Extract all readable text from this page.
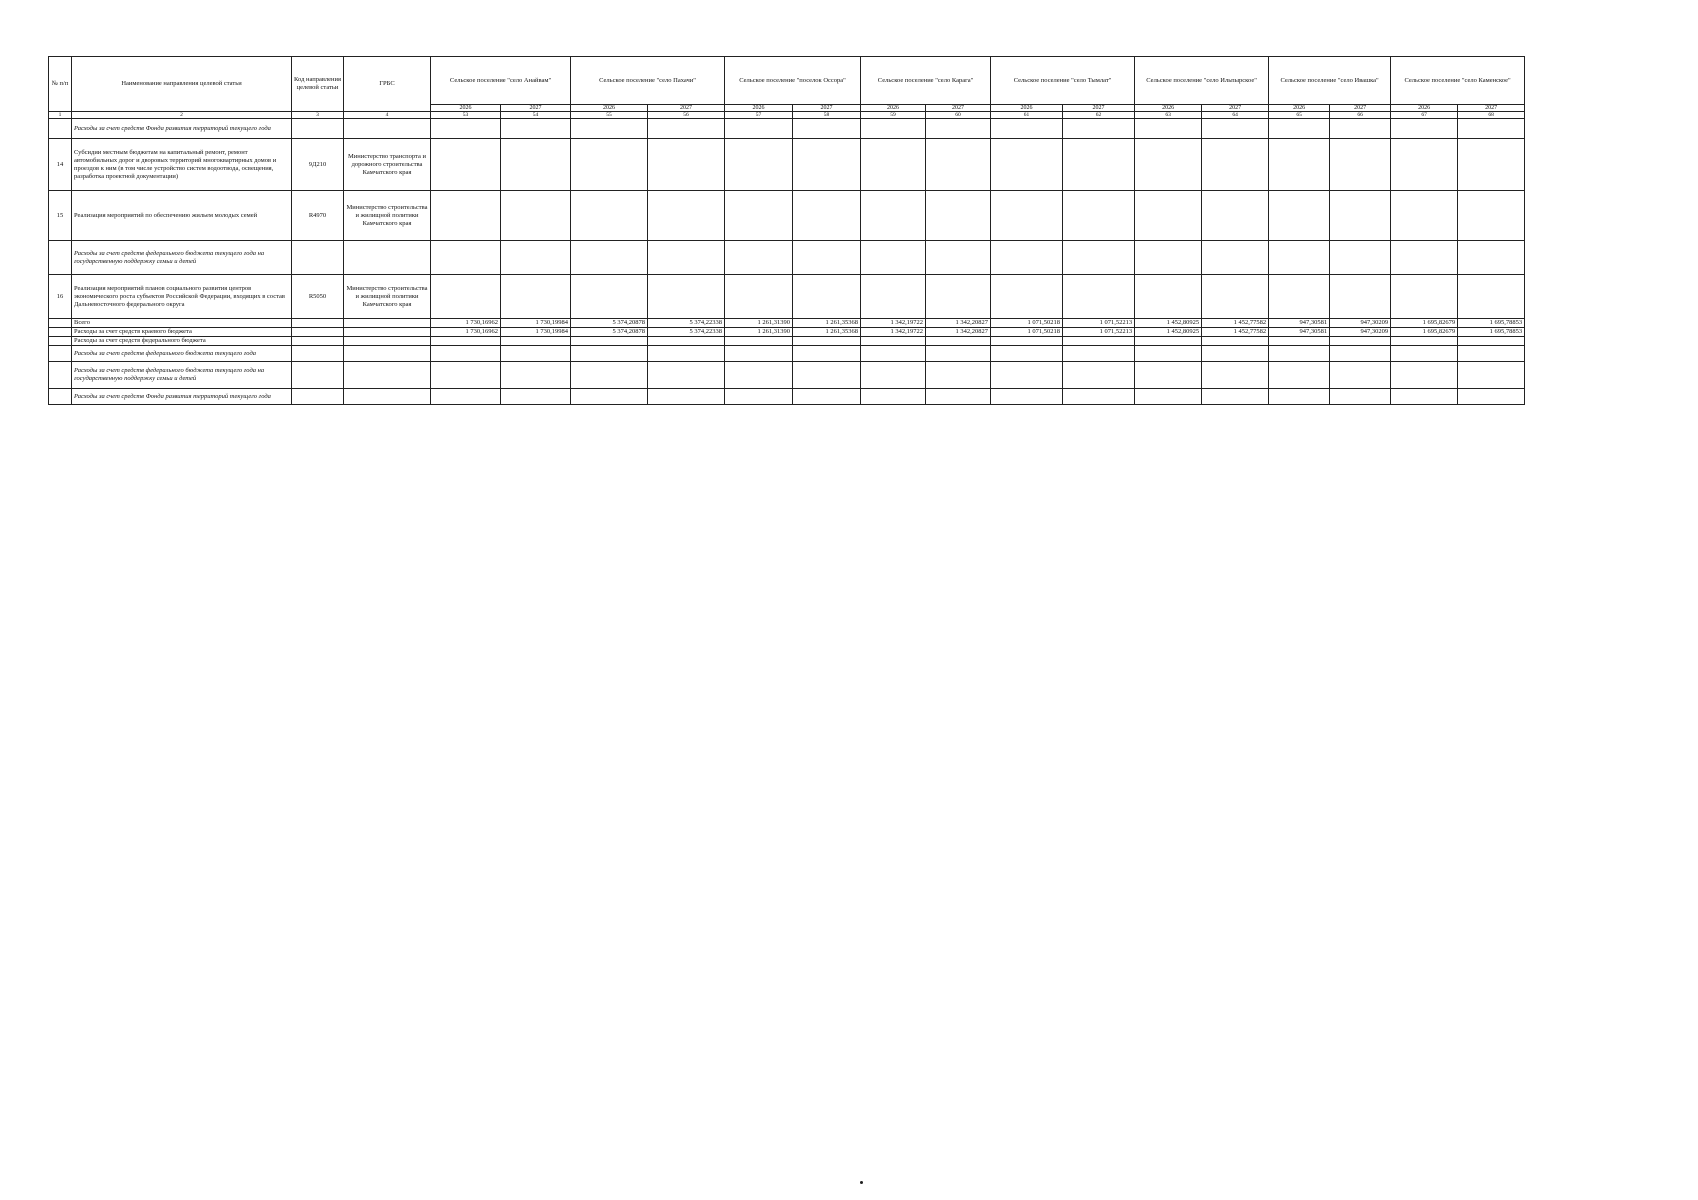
№ п/п	Наименование направления целевой статьи	Код направления целевой статьи	ГРБС	Сельское поселение "село Анайвам"		Сельское поселение "село Пахачи"		Сельское поселение "поселок Оссора"		Сельское поселение "село Карага"		Сельское поселение "село Тымлат"		Сельское поселение "село Ильпырское"		Сельское поселение "село Ивашка"		Сельское поселение "село Каменское"	
				2026	2027	2026	2027	2026	2027	2026	2027	2026	2027	2026	2027	2026	2027	2026	2027
1	2	3	4	53	54	55	56	57	58	59	60	61	62	63	64	65	66	67	68
	Расходы за счет средств Фонда развития территорий текущего года																		
14	Субсидии местным бюджетам на капитальный ремонт, ремонт автомобильных дорог и дворовых территорий многоквартирных домов и проездов к ним (в том числе устройство систем водоотвода, освещения, разработка проектной документации)	9Д210	Министерство транспорта и дорожного строительства Камчатского края																
15	Реализация мероприятий по обеспечению жильем молодых семей	R4970	Министерство строительства и жилищной политики Камчатского края																
	Расходы за счет средств федерального бюджета текущего года на государственную поддержку семьи и детей																		
16	Реализация мероприятий планов социального развития центров экономического роста субъектов Российской Федерации, входящих в состав Дальневосточного федерального округа	R5050	Министерство строительства и жилищной политики Камчатского края																
	Всего			1 730,16962	1 730,19984	5 374,20878	5 374,22338	1 261,31390	1 261,35368	1 342,19722	1 342,20827	1 071,50218	1 071,52213	1 452,80925	1 452,77582	947,30581	947,30209	1 695,82679	1 695,78853
	Расходы за счет средств краевого бюджета			1 730,16962	1 730,19984	5 374,20878	5 374,22338	1 261,31390	1 261,35368	1 342,19722	1 342,20827	1 071,50218	1 071,52213	1 452,80925	1 452,77582	947,30581	947,30209	1 695,82679	1 695,78853
	Расходы за счет средств федерального бюджета																		
	Расходы за счет средств федерального бюджета текущего года																		
	Расходы за счет средств федерального бюджета текущего года на государственную поддержку семьи и детей																		
	Расходы за счет средств Фонда развития территорий текущего года																		
